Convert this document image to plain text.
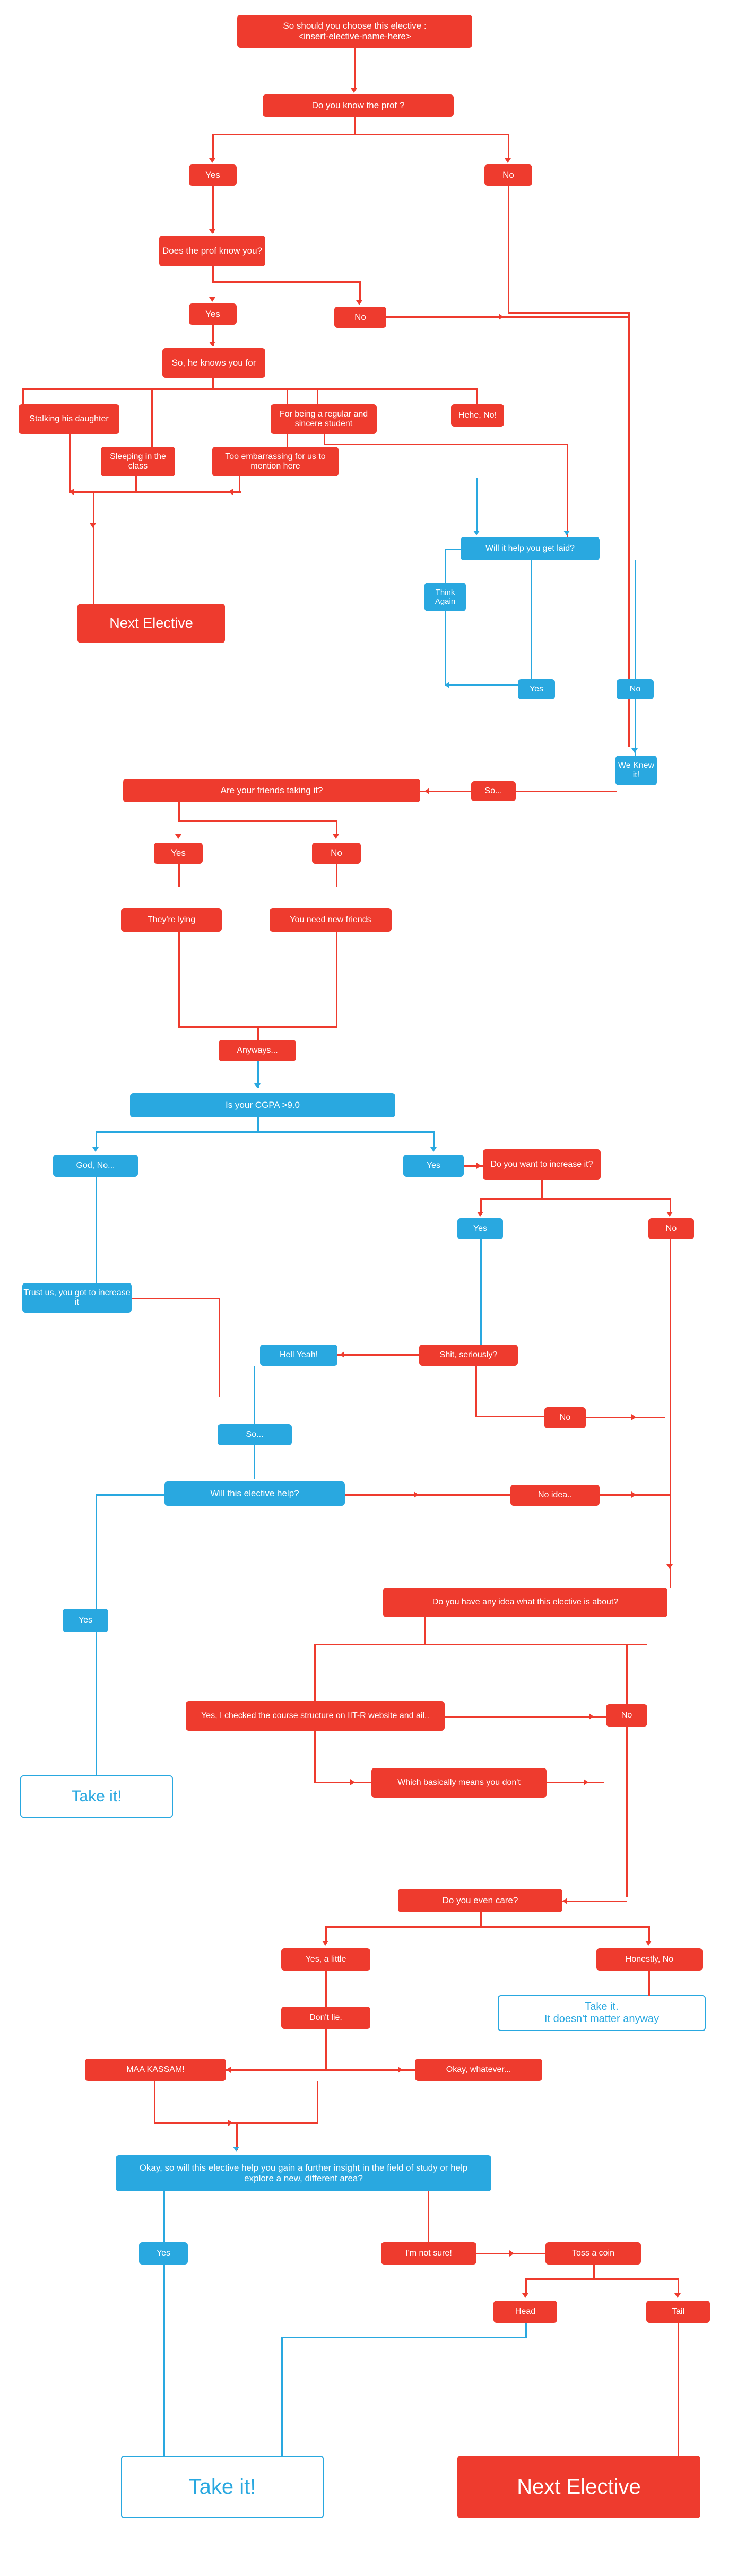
So should you choose this elective :
<insert-elective-name-here>
Do you know the prof ?
Yes	No
Does the prof know you?
Yes	No
So, he knows you for
Stalking his daughter
Sleeping in the class
Too embarrassing for us to mention here
For being a regular and sincere student
Hehe, No!
Next Elective
Will it help you get laid?
Think Again
Yes	No
We Knew it!
So...
Are your friends taking it?
Yes	No
They're lying	You need new friends
Anyways...
Is your CGPA >9.0
God, No...	Yes	Do you want to increase it?
Yes	No
Trust us, you got to increase it
Shit, seriously?
Hell Yeah!
So...
No
Will this elective help?	No idea..
Yes
Take it!
Do you have any idea what this elective is about?
Yes, I checked the course structure on IIT-R website and ail..	No
Which basically means you don't
Do you even care?
Yes, a little	Honestly, No
Don't lie.
Take it.
It doesn't matter anyway
MAA KASSAM!	Okay, whatever...
Okay, so will this elective help you gain a further insight in the field of study or help explore a new, different area?
Yes	I'm not sure!	Toss a coin
Head	Tail
Take it!	Next Elective
